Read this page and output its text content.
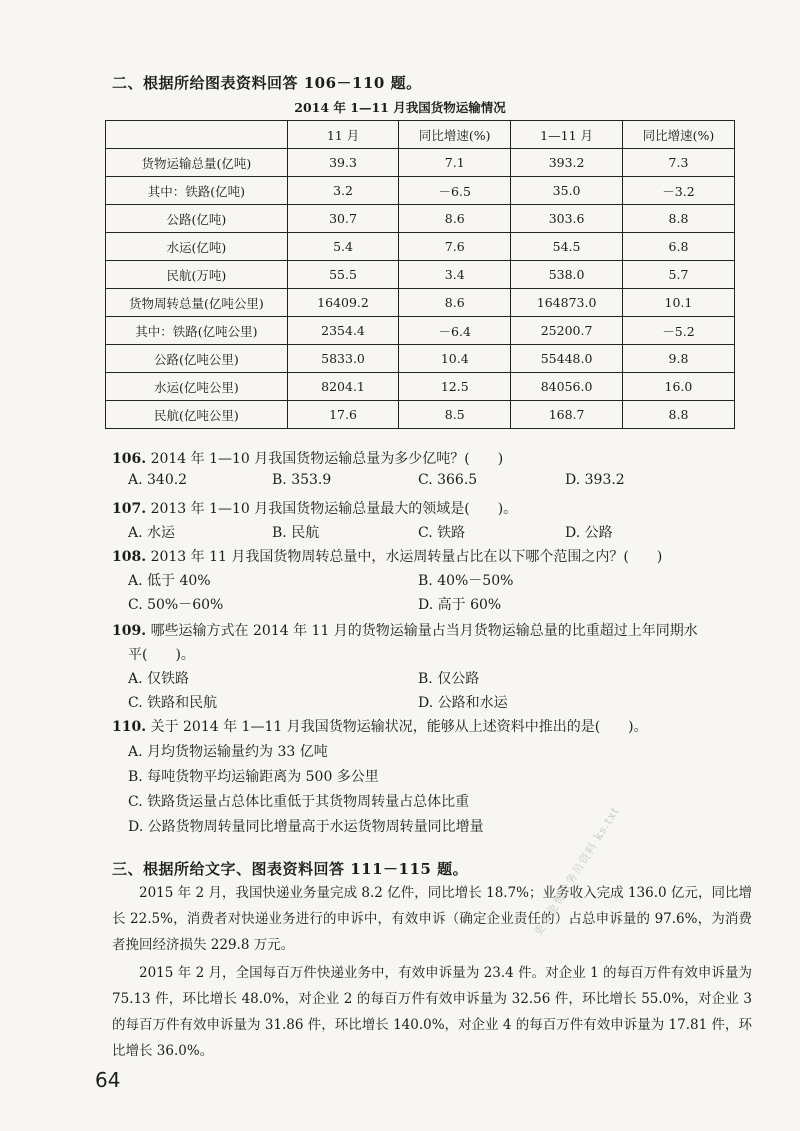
二、根据所给图表资料回答 106－110 题。
2014 年 1—11 月我国货物运输情况
	11 月	同比增速(%)	1—11 月	同比增速(%)
货物运输总量(亿吨)	39.3	7.1	393.2	7.3
其中：铁路(亿吨)	3.2	－6.5	35.0	－3.2
公路(亿吨)	30.7	8.6	303.6	8.8
水运(亿吨)	5.4	7.6	54.5	6.8
民航(万吨)	55.5	3.4	538.0	5.7
货物周转总量(亿吨公里)	16409.2	8.6	164873.0	10.1
其中：铁路(亿吨公里)	2354.4	－6.4	25200.7	－5.2
公路(亿吨公里)	5833.0	10.4	55448.0	9.8
水运(亿吨公里)	8204.1	12.5	84056.0	16.0
民航(亿吨公里)	17.6	8.5	168.7	8.8
106. 2014 年 1—10 月我国货物运输总量为多少亿吨？(　　)
A. 340.2	B. 353.9	C. 366.5	D. 393.2
107. 2013 年 1—10 月我国货物运输总量最大的领域是(　　)。
A. 水运	B. 民航	C. 铁路	D. 公路
108. 2013 年 11 月我国货物周转总量中，水运周转量占比在以下哪个范围之内？(　　)
A. 低于 40%	B. 40%－50%
C. 50%－60%	D. 高于 60%
109. 哪些运输方式在 2014 年 11 月的货物运输量占当月货物运输总量的比重超过上年同期水
平(　　)。
A. 仅铁路	B. 仅公路
C. 铁路和民航	D. 公路和水运
110. 关于 2014 年 1—11 月我国货物运输状况，能够从上述资料中推出的是(　　)。
A. 月均货物运输量约为 33 亿吨
B. 每吨货物平均运输距离为 500 多公里
C. 铁路货运量占总体比重低于其货物周转量占总体比重
D. 公路货物周转量同比增量高于水运货物周转量同比增量
三、根据所给文字、图表资料回答 111－115 题。
2015 年 2 月，我国快递业务量完成 8.2 亿件，同比增长 18.7%；业务收入完成 136.0 亿元，同比增长 22.5%，消费者对快递业务进行的申诉中，有效申诉（确定企业责任的）占总申诉量的 97.6%，为消费者挽回经济损失 229.8 万元。
2015 年 2 月，全国每百万件快递业务中，有效申诉量为 23.4 件。对企业 1 的每百万件有效申诉量为 75.13 件，环比增长 48.0%，对企业 2 的每百万件有效申诉量为 32.56 件，环比增长 55.0%，对企业 3 的每百万件有效申诉量为 31.86 件，环比增长 140.0%，对企业 4 的每百万件有效申诉量为 17.81 件，环比增长 36.0%。
更多免费公务员资料 ks.txt
64
